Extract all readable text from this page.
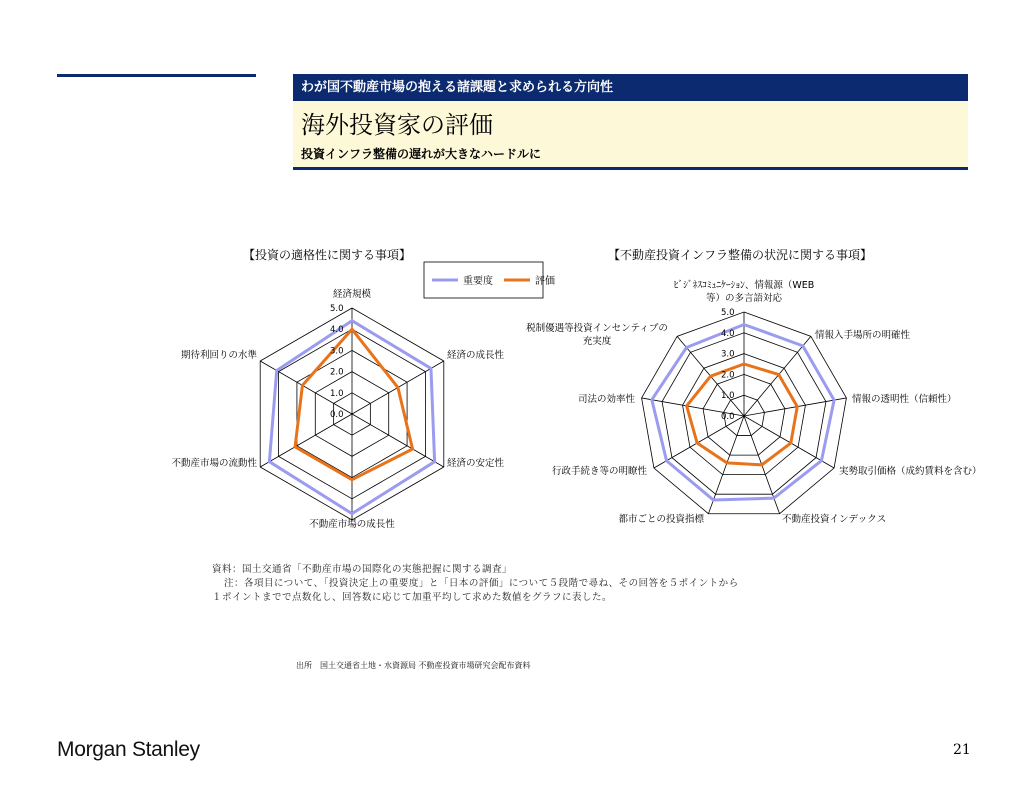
わが国不動産市場の抱える諸課題と求められる方向性
海外投資家の評価
投資インフラ整備の遅れが大きなハードルに
0.0
1.0
2.0
3.0
4.0
5.0
経済規模
経済の成長性
経済の安定性
不動産市場の成長性
不動産市場の流動性
期待利回りの水準
【投資の適格性に関する事項】
0.0
1.0
2.0
3.0
4.0
5.0
ﾋﾞｼﾞﾈｽｺﾐｭﾆｹｰｼｮﾝ、情報源（WEB
等）の多言語対応
情報入手場所の明確性
情報の透明性（信頼性）
実勢取引価格（成約賃料を含む）
不動産投資インデックス
都市ごとの投資指標
行政手続き等の明瞭性
司法の効率性
税制優遇等投資インセンティブの
充実度
【不動産投資インフラ整備の状況に関する事項】
重要度	評価
資料：国土交通省「不動産市場の国際化の実態把握に関する調査」
注：各項目について、「投資決定上の重要度」と「日本の評価」について５段階で尋ね、その回答を５ポイントから
１ポイントまでで点数化し、回答数に応じて加重平均して求めた数値をグラフに表した。
出所　国土交通省土地・水資源局 不動産投資市場研究会配布資料
Morgan Stanley	21
